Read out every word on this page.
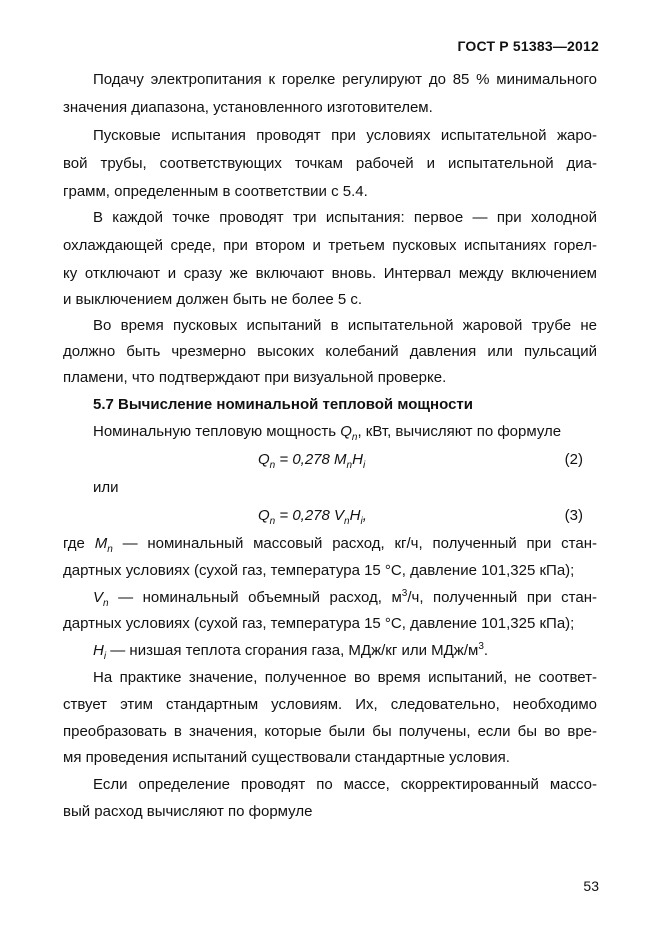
ГОСТ Р 51383—2012
Подачу электропитания к горелке регулируют до 85 % минимального
значения диапазона, установленного изготовителем.
Пусковые испытания проводят при условиях испытательной жаро-
вой трубы, соответствующих точкам рабочей и испытательной диа-
грамм, определенным в соответствии с 5.4.
В каждой точке проводят три испытания: первое — при холодной
охлаждающей среде, при втором и третьем пусковых испытаниях горел-
ку отключают и сразу же включают вновь. Интервал между включением
и выключением должен быть не более 5 с.
Во время пусковых испытаний в испытательной жаровой трубе не
должно быть чрезмерно высоких колебаний давления или пульсаций
пламени, что подтверждают при визуальной проверке.
5.7 Вычисление номинальной тепловой мощности
Номинальную тепловую мощность $Q_n$, кВт, вычисляют по формуле
$Q_n = 0,278$ $M_nH_i$	(2)
или
$Q_n = 0,278$ $V_nH_i$,	(3)
где $M_n$ — номинальный массовый расход, кг/ч, полученный при стан-
дартных условиях (сухой газ, температура 15 °С, давление 101,325 кПа);
$V_n$ — номинальный объемный расход, $м^3/ч$, полученный при стан-
дартных условиях (сухой газ, температура 15 °С, давление 101,325 кПа);
$H_i$ — низшая теплота сгорания газа, МДж/кг или МДж/$м^3$.
На практике значение, полученное во время испытаний, не соответ-
ствует этим стандартным условиям. Их, следовательно, необходимо
преобразовать в значения, которые были бы получены, если бы во вре-
мя проведения испытаний существовали стандартные условия.
Если определение проводят по массе, скорректированный массо-
вый расход вычисляют по формуле
53
